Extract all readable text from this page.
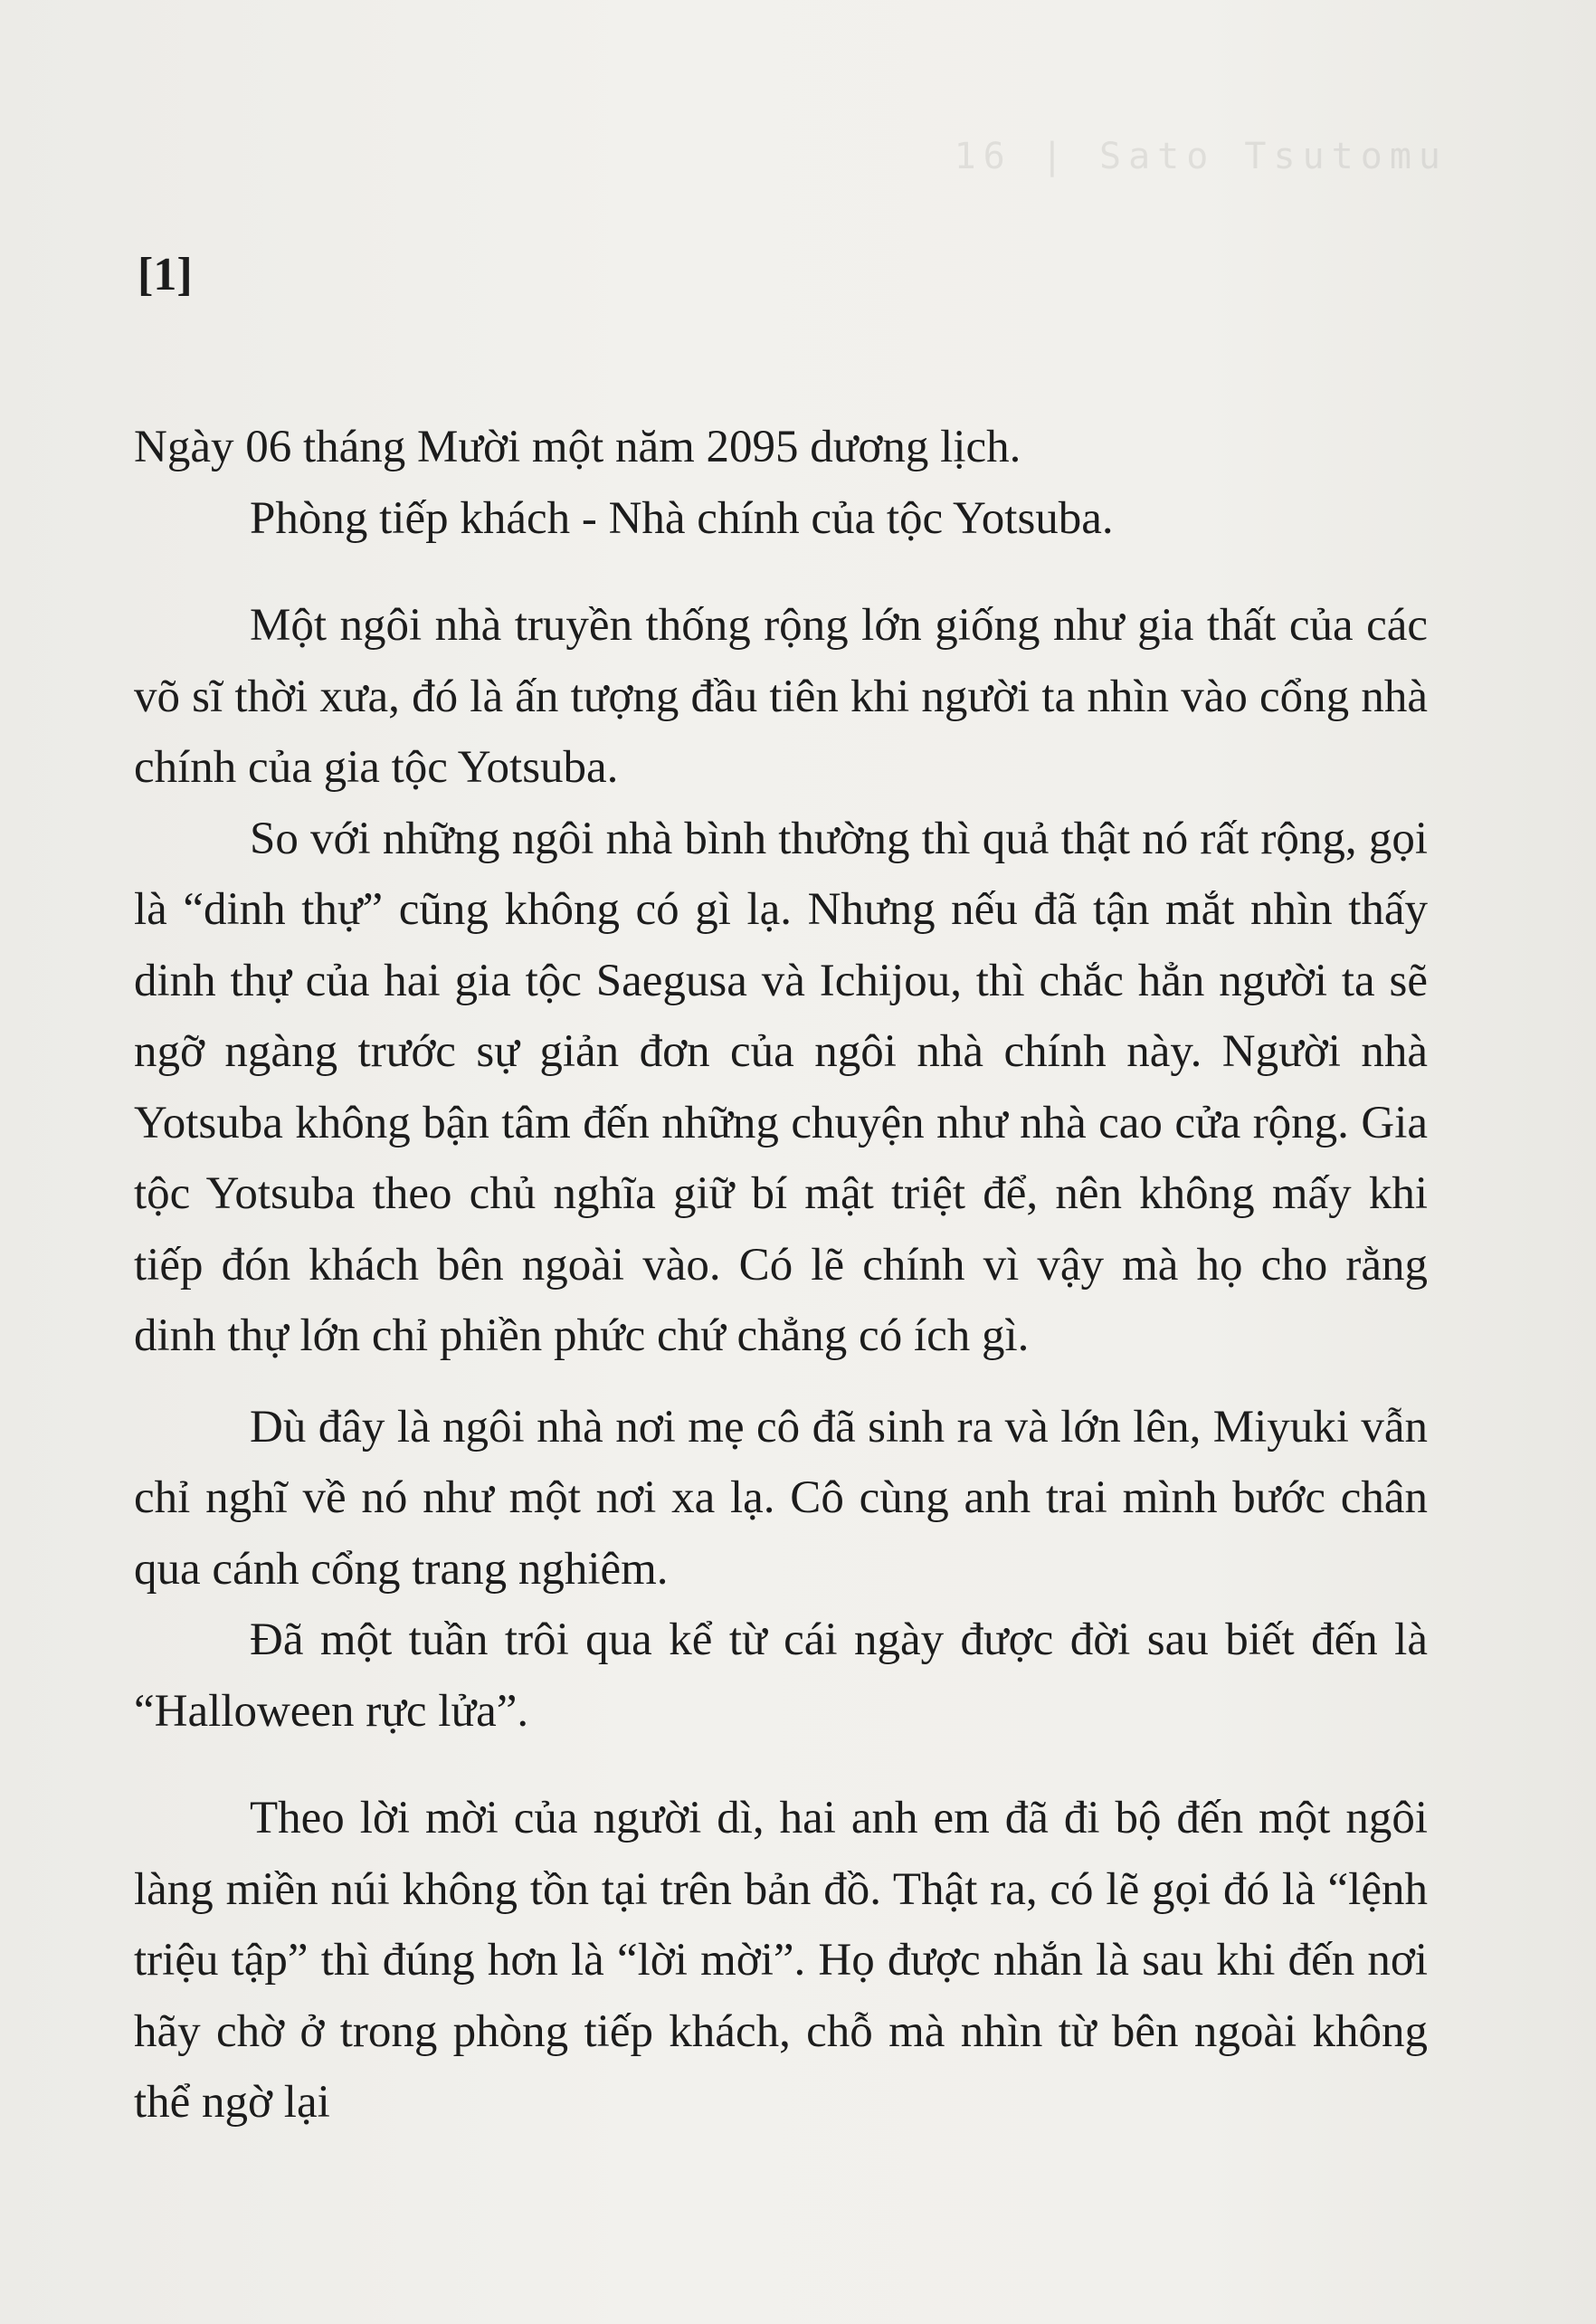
16 | Sato Tsutomu
[1]

Ngày 06 tháng Mười một năm 2095 dương lịch.

Phòng tiếp khách - Nhà chính của tộc Yotsuba.

Một ngôi nhà truyền thống rộng lớn giống như gia thất của các võ sĩ thời xưa, đó là ấn tượng đầu tiên khi người ta nhìn vào cổng nhà chính của gia tộc Yotsuba.

So với những ngôi nhà bình thường thì quả thật nó rất rộng, gọi là “dinh thự” cũng không có gì lạ. Nhưng nếu đã tận mắt nhìn thấy dinh thự của hai gia tộc Saegusa và Ichijou, thì chắc hẳn người ta sẽ ngỡ ngàng trước sự giản đơn của ngôi nhà chính này. Người nhà Yotsuba không bận tâm đến những chuyện như nhà cao cửa rộng. Gia tộc Yotsuba theo chủ nghĩa giữ bí mật triệt để, nên không mấy khi tiếp đón khách bên ngoài vào. Có lẽ chính vì vậy mà họ cho rằng dinh thự lớn chỉ phiền phức chứ chẳng có ích gì.

Dù đây là ngôi nhà nơi mẹ cô đã sinh ra và lớn lên, Miyuki vẫn chỉ nghĩ về nó như một nơi xa lạ. Cô cùng anh trai mình bước chân qua cánh cổng trang nghiêm.

Đã một tuần trôi qua kể từ cái ngày được đời sau biết đến là “Halloween rực lửa”.

Theo lời mời của người dì, hai anh em đã đi bộ đến một ngôi làng miền núi không tồn tại trên bản đồ. Thật ra, có lẽ gọi đó là “lệnh triệu tập” thì đúng hơn là “lời mời”. Họ được nhắn là sau khi đến nơi hãy chờ ở trong phòng tiếp khách, chỗ mà nhìn từ bên ngoài không thể ngờ lại
